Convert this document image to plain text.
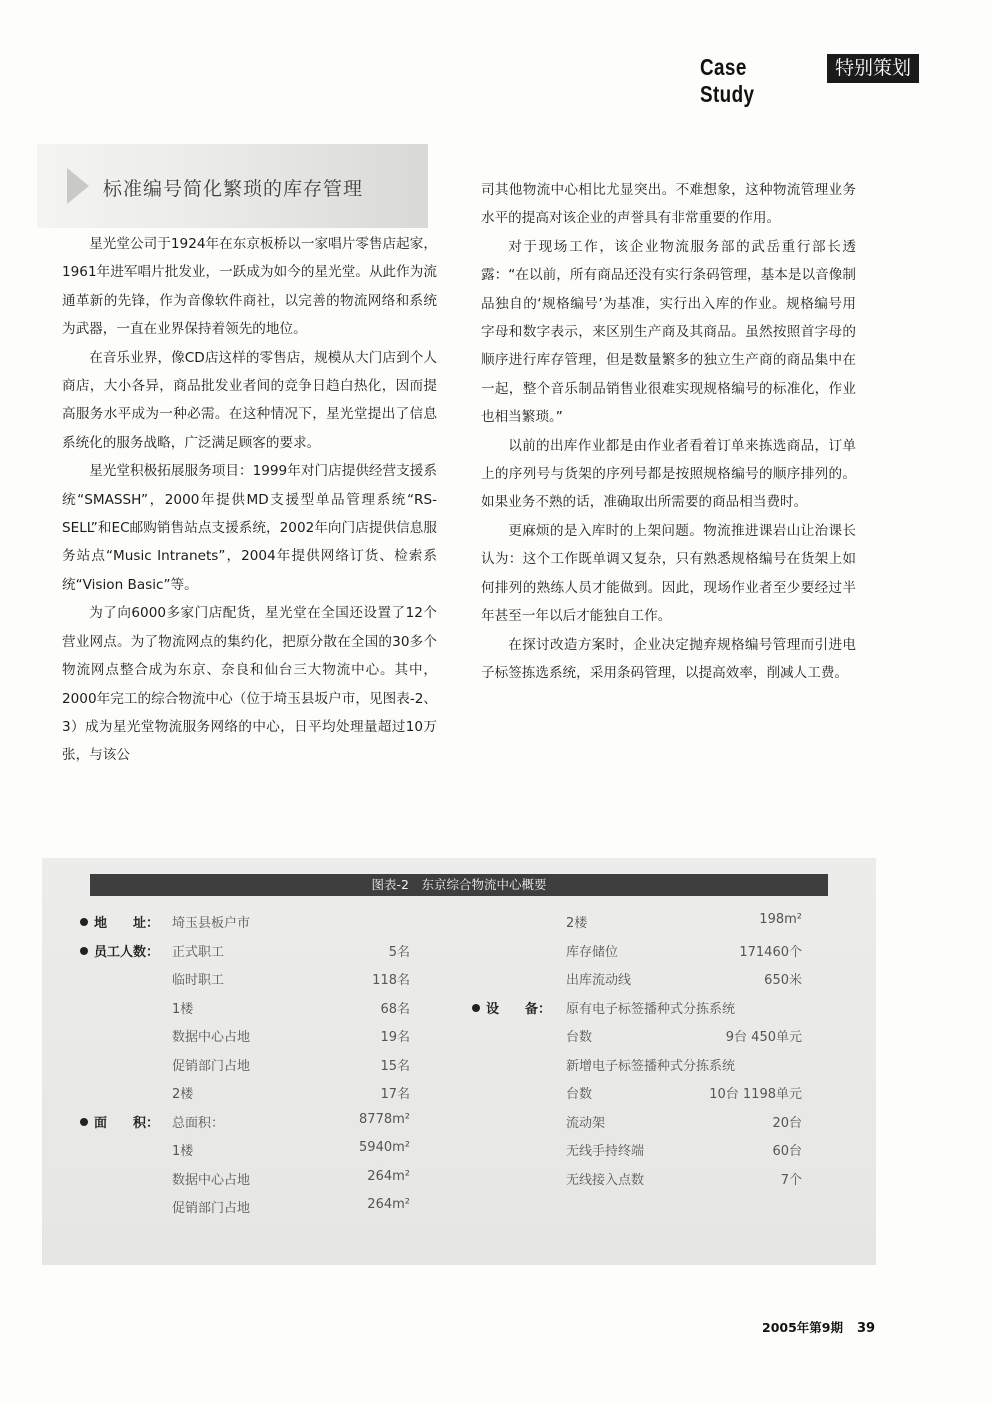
Case Study
特别策划
标准编号简化繁琐的库存管理

星光堂公司于1924年在东京板桥以一家唱片零售店起家，1961年进军唱片批发业，一跃成为如今的星光堂。从此作为流通革新的先锋，作为音像软件商社，以完善的物流网络和系统为武器，一直在业界保持着领先的地位。

在音乐业界，像CD店这样的零售店，规模从大门店到个人商店，大小各异，商品批发业者间的竞争日趋白热化，因而提高服务水平成为一种必需。在这种情况下，星光堂提出了信息系统化的服务战略，广泛满足顾客的要求。

星光堂积极拓展服务项目：1999年对门店提供经营支援系统“SMASSH”，2000年提供MD支援型单品管理系统“RS-SELL”和EC邮购销售站点支援系统，2002年向门店提供信息服务站点“Music Intranets”，2004年提供网络订货、检索系统“Vision Basic”等。

为了向6000多家门店配货，星光堂在全国还设置了12个营业网点。为了物流网点的集约化，把原分散在全国的30多个物流网点整合成为东京、奈良和仙台三大物流中心。其中，2000年完工的综合物流中心（位于埼玉县坂户市，见图表-2、3）成为星光堂物流服务网络的中心，日平均处理量超过10万张，与该公

司其他物流中心相比尤显突出。不难想象，这种物流管理业务水平的提高对该企业的声誉具有非常重要的作用。

对于现场工作，该企业物流服务部的武岳重行部长透露：“在以前，所有商品还没有实行条码管理，基本是以音像制品独自的‘规格编号’为基准，实行出入库的作业。规格编号用字母和数字表示，来区别生产商及其商品。虽然按照首字母的顺序进行库存管理，但是数量繁多的独立生产商的商品集中在一起，整个音乐制品销售业很难实现规格编号的标准化，作业也相当繁琐。”

以前的出库作业都是由作业者看着订单来拣选商品，订单上的序列号与货架的序列号都是按照规格编号的顺序排列的。如果业务不熟的话，准确取出所需要的商品相当费时。

更麻烦的是入库时的上架问题。物流推进课岩山让治课长认为：这个工作既单调又复杂，只有熟悉规格编号在货架上如何排列的熟练人员才能做到。因此，现场作业者至少要经过半年甚至一年以后才能独自工作。

在探讨改造方案时，企业决定抛弃规格编号管理而引进电子标签拣选系统，采用条码管理，以提高效率，削减人工费。

图表-2　东京综合物流中心概要
地　　址： 埼玉县板户市
员工人数： 正式职工	5名
临时职工	118名
1楼	68名
数据中心占地	19名
促销部门占地	15名
2楼	17名
面　　积： 总面积：	8778m²
1楼	5940m²
数据中心占地	264m²
促销部门占地	264m²
2楼	198m²
库存储位	171460个
出库流动线	650米
设　　备：	原有电子标签播种式分拣系统
台数	9台 450单元
新增电子标签播种式分拣系统
台数	10台 1198单元
流动架	20台
无线手持终端	60台
无线接入点数	7个
2005年第9期 39
